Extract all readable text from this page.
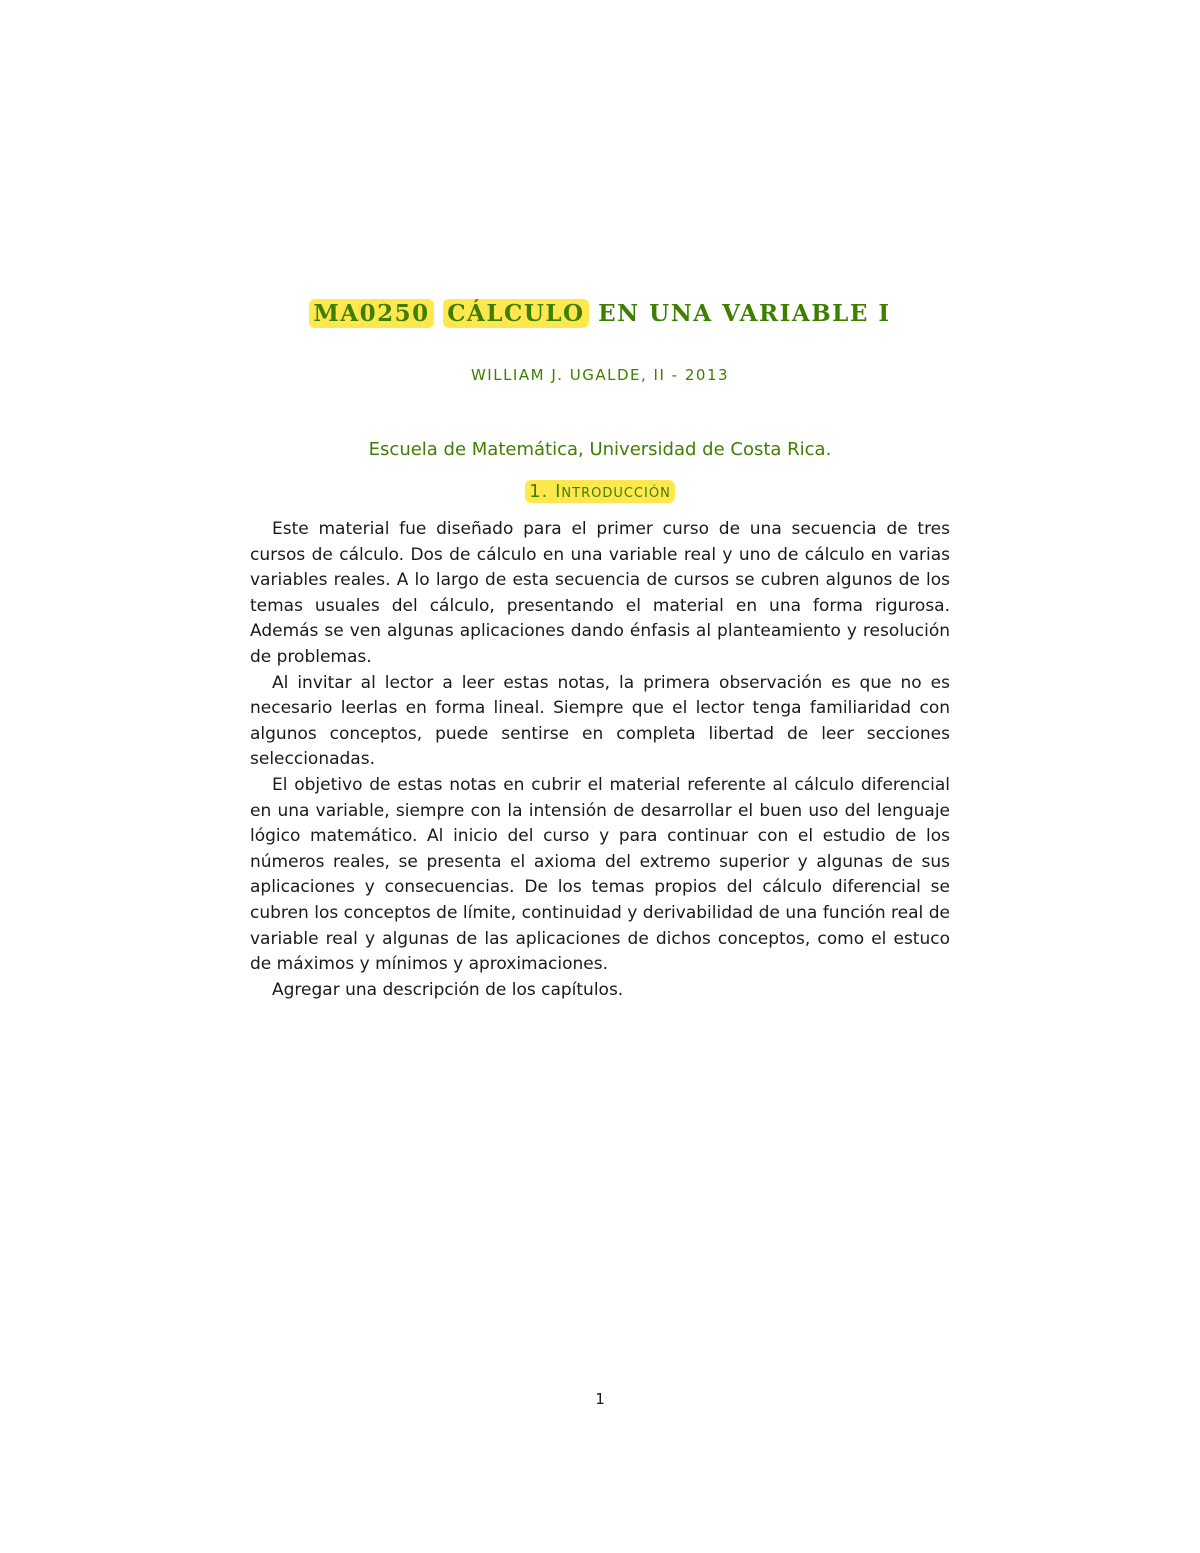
MA0250 CÁLCULO EN UNA VARIABLE I
WILLIAM J. UGALDE, II - 2013
Escuela de Matemática, Universidad de Costa Rica.
1. Introducción

Este material fue diseñado para el primer curso de una secuencia de tres cursos de cálculo. Dos de cálculo en una variable real y uno de cálculo en varias variables reales. A lo largo de esta secuencia de cursos se cubren algunos de los temas usuales del cálculo, presentando el material en una forma rigurosa. Además se ven algunas aplicaciones dando énfasis al planteamiento y resolución de problemas.

Al invitar al lector a leer estas notas, la primera observación es que no es necesario leerlas en forma lineal. Siempre que el lector tenga familiaridad con algunos conceptos, puede sentirse en completa libertad de leer secciones seleccionadas.

El objetivo de estas notas en cubrir el material referente al cálculo diferencial en una variable, siempre con la intensión de desarrollar el buen uso del lenguaje lógico matemático. Al inicio del curso y para continuar con el estudio de los números reales, se presenta el axioma del extremo superior y algunas de sus aplicaciones y consecuencias. De los temas propios del cálculo diferencial se cubren los conceptos de límite, continuidad y derivabilidad de una función real de variable real y algunas de las aplicaciones de dichos conceptos, como el estuco de máximos y mínimos y aproximaciones.

Agregar una descripción de los capítulos.

1
